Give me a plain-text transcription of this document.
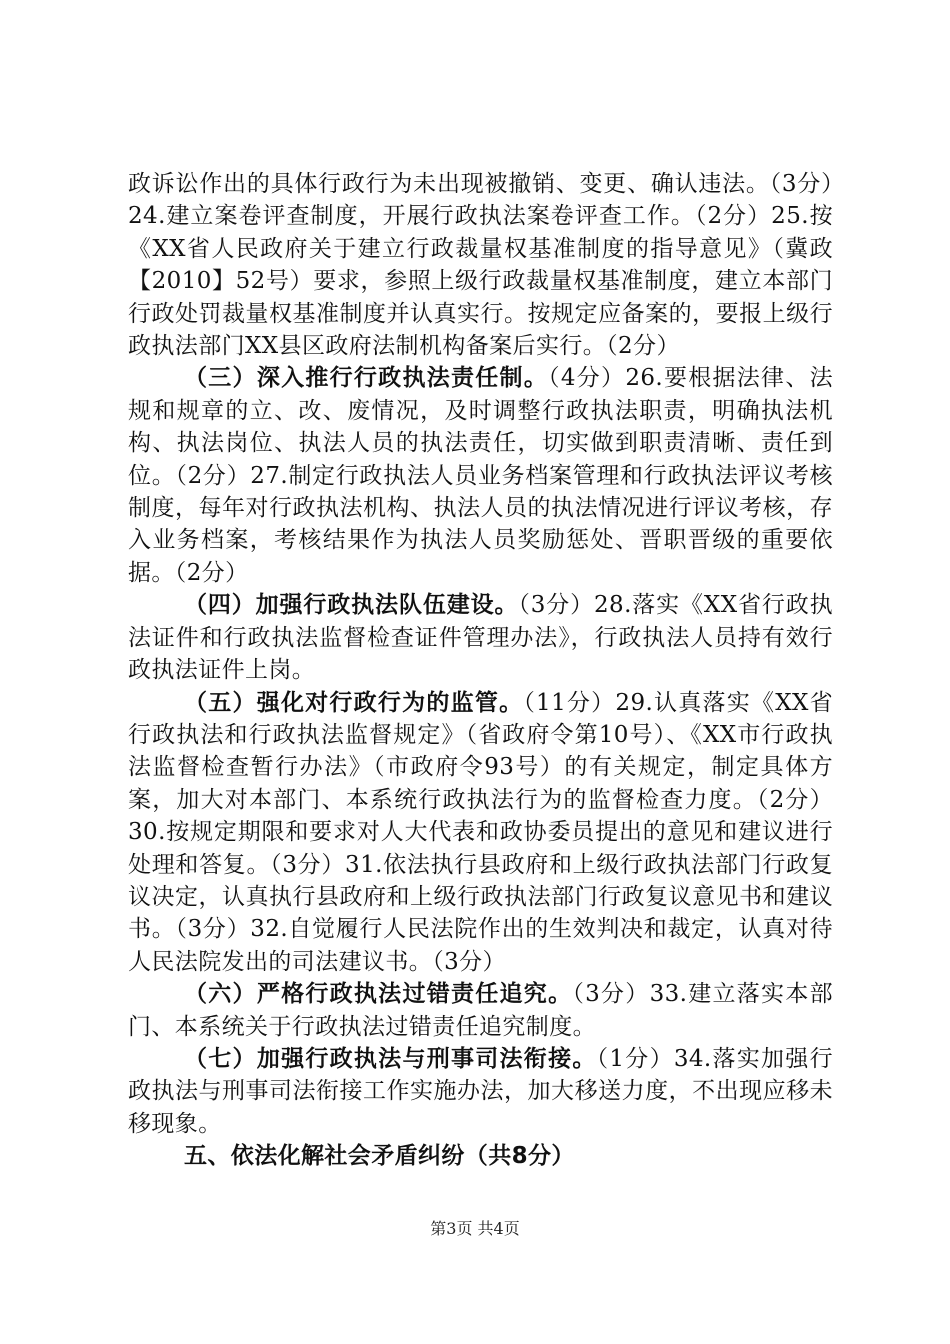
政诉讼作出的具体行政行为未出现被撤销、变更、确认违法。（3分）24.建立案卷评查制度，开展行政执法案卷评查工作。（2分）25.按《XX省人民政府关于建立行政裁量权基准制度的指导意见》（冀政【2010】52号）要求，参照上级行政裁量权基准制度，建立本部门行政处罚裁量权基准制度并认真实行。按规定应备案的，要报上级行政执法部门XX县区政府法制机构备案后实行。（2分）

（三）深入推行行政执法责任制。（4分）26.要根据法律、法规和规章的立、改、废情况，及时调整行政执法职责，明确执法机构、执法岗位、执法人员的执法责任，切实做到职责清晰、责任到位。（2分）27.制定行政执法人员业务档案管理和行政执法评议考核制度，每年对行政执法机构、执法人员的执法情况进行评议考核，存入业务档案，考核结果作为执法人员奖励惩处、晋职晋级的重要依据。（2分）

（四）加强行政执法队伍建设。（3分）28.落实《XX省行政执法证件和行政执法监督检查证件管理办法》，行政执法人员持有效行政执法证件上岗。

（五）强化对行政行为的监管。（11分）29.认真落实《XX省行政执法和行政执法监督规定》（省政府令第10号）、《XX市行政执法监督检查暂行办法》（市政府令93号）的有关规定，制定具体方案，加大对本部门、本系统行政执法行为的监督检查力度。（2分）30.按规定期限和要求对人大代表和政协委员提出的意见和建议进行处理和答复。（3分）31.依法执行县政府和上级行政执法部门行政复议决定，认真执行县政府和上级行政执法部门行政复议意见书和建议书。（3分）32.自觉履行人民法院作出的生效判决和裁定，认真对待人民法院发出的司法建议书。（3分）

（六）严格行政执法过错责任追究。（3分）33.建立落实本部门、本系统关于行政执法过错责任追究制度。

（七）加强行政执法与刑事司法衔接。（1分）34.落实加强行政执法与刑事司法衔接工作实施办法，加大移送力度，不出现应移未移现象。

五、依法化解社会矛盾纠纷（共8分）

第3页 共4页
